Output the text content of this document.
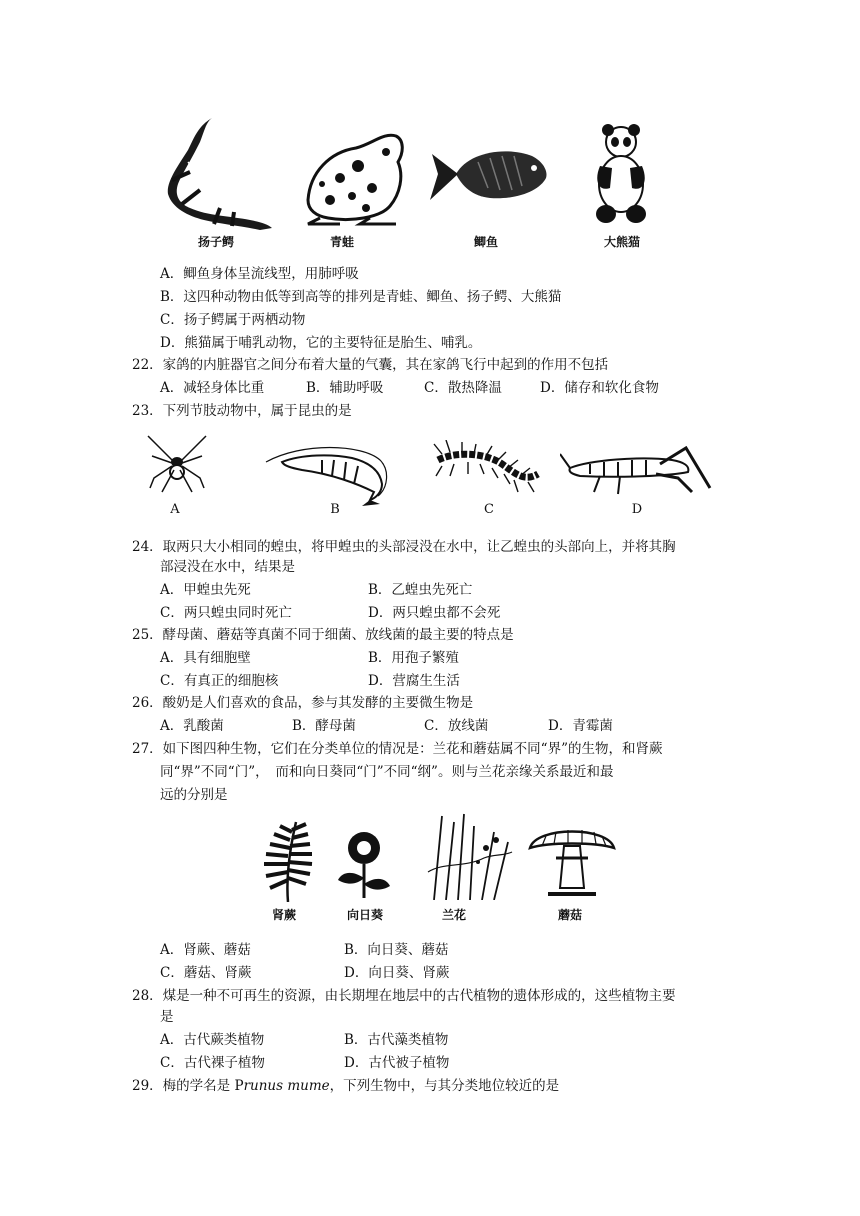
扬子鳄	青蛙	鲫鱼	大熊猫
A．鲫鱼身体呈流线型，用肺呼吸
B．这四种动物由低等到高等的排列是青蛙、鲫鱼、扬子鳄、大熊猫
C．扬子鳄属于两栖动物
D．熊猫属于哺乳动物，它的主要特征是胎生、哺乳。
22．家鸽的内脏器官之间分布着大量的气囊，其在家鸽飞行中起到的作用不包括
A．减轻身体比重	B．辅助呼吸	C．散热降温	D．储存和软化食物
23．下列节肢动物中，属于昆虫的是
A	B	C	D
24．取两只大小相同的蝗虫，将甲蝗虫的头部浸没在水中，让乙蝗虫的头部向上，并将其胸
部浸没在水中，结果是
A．甲蝗虫先死	B．乙蝗虫先死亡
C．两只蝗虫同时死亡	D．两只蝗虫都不会死
25．酵母菌、蘑菇等真菌不同于细菌、放线菌的最主要的特点是
A．具有细胞壁	B．用孢子繁殖
C．有真正的细胞核	D．营腐生生活
26．酸奶是人们喜欢的食品，参与其发酵的主要微生物是
A．乳酸菌	B．酵母菌	C．放线菌	D．青霉菌
27．如下图四种生物，它们在分类单位的情况是：兰花和蘑菇属不同“界”的生物，和肾蕨
同“界”不同“门”，　而和向日葵同“门”不同“纲”。则与兰花亲缘关系最近和最
远的分别是
肾蕨	向日葵	兰花	蘑菇
A．肾蕨、蘑菇	B．向日葵、蘑菇
C．蘑菇、肾蕨	D．向日葵、肾蕨
28．煤是一种不可再生的资源，由长期埋在地层中的古代植物的遗体形成的，这些植物主要
是
A．古代蕨类植物	B．古代藻类植物
C．古代裸子植物	D．古代被子植物
29．梅的学名是 Prunus mume，下列生物中，与其分类地位较近的是
